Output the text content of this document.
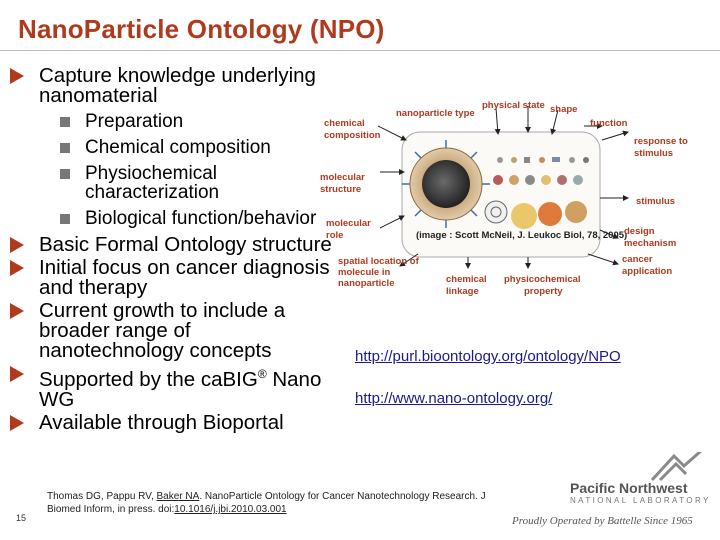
NanoParticle Ontology (NPO)
Capture knowledge underlying nanomaterial
Preparation
Chemical composition
Physiochemical characterization
Biological function/behavior
Basic Formal Ontology structure
Initial focus on cancer diagnosis and therapy
Current growth to include a broader range of nanotechnology concepts
Supported by the caBIG® Nano WG
Available through Bioportal
(image : Scott McNeil, J. Leukoc Biol, 78, 2005)
nanoparticle type
physical state shape
chemical
composition
function
response to
stimulus
molecular
structure
stimulus
molecular
role	design
mechanism
spatial location of
molecule in
nanoparticle	chemical
linkage
physicochemical
property
cancer
application
http://purl.bioontology.org/ontology/NPO
http://www.nano-ontology.org/
Thomas DG, Pappu RV, Baker NA. NanoParticle Ontology for Cancer Nanotechnology Research. J Biomed Inform, in press. doi:10.1016/j.jbi.2010.03.001
15
Pacific Northwest
NATIONAL LABORATORY
Proudly Operated by Battelle Since 1965
